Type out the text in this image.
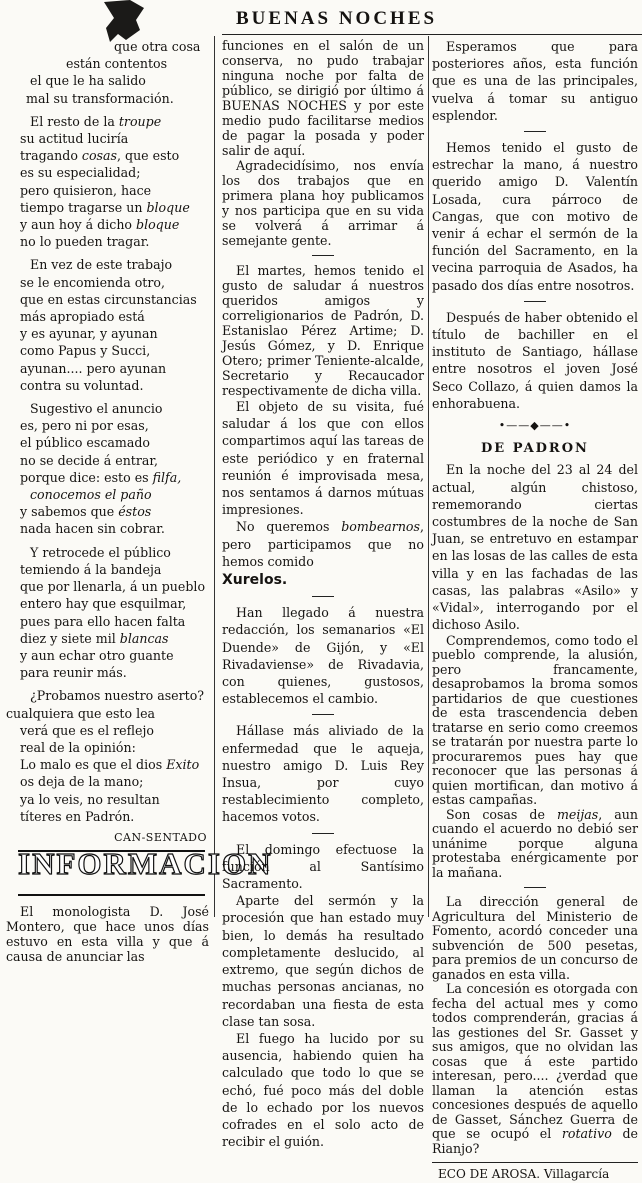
BUENAS NOCHES

que otra cosa

están contentos

el que le ha salido

mal su transformación.

El resto de la troupe

su actitud luciría

tragando cosas, que esto

es su especialidad;

pero quisieron, hace

tiempo tragarse un bloque

y aun hoy á dicho bloque

no lo pueden tragar.

En vez de este trabajo

se le encomienda otro,

que en estas circunstancias

más apropiado está

y es ayunar, y ayunan

como Papus y Succi,

ayunan.... pero ayunan

contra su voluntad.

Sugestivo el anuncio

es, pero ni por esas,

el público escamado

no se decide á entrar,

porque dice: esto es filfa,

conocemos el paño

y sabemos que éstos

nada hacen sin cobrar.

Y retrocede el público

temiendo á la bandeja

que por llenarla, á un pueblo

entero hay que esquilmar,

pues para ello hacen falta

diez y siete mil blancas

y aun echar otro guante

para reunir más.

¿Probamos nuestro aserto?

cualquiera que esto lea

verá que es el reflejo

real de la opinión:

Lo malo es que el dios Exito

os deja de la mano;

ya lo veis, no resultan

títeres en Padrón.

CAN-SENTADO
INFORMACION

El monologista D. José Montero, que hace unos días estuvo en esta villa y que á causa de anunciar las

funciones en el salón de un conserva, no pudo trabajar ninguna noche por falta de público, se dirigió por último á BUENAS NOCHES y por este medio pudo facilitarse medios de pagar la posada y poder salir de aquí.

Agradecidísimo, nos envía los dos trabajos que en primera plana hoy publicamos y nos participa que en su vida se volverá á arrimar á semejante gente.

El martes, hemos tenido el gusto de saludar á nuestros queridos amigos y correligionarios de Padrón, D. Estanislao Pérez Artime; D. Jesús Gómez, y D. Enrique Otero; primer Teniente-alcalde, Secretario y Recaucador respectivamente de dicha villa.

El objeto de su visita, fué saludar á los que con ellos compartimos aquí las tareas de este periódico y en fraternal reunión é improvisada mesa, nos sentamos á darnos mútuas impresiones.

No queremos bombearnos, pero participamos que no hemos comido

Xurelos.

Han llegado á nuestra redacción, los semanarios «El Duende» de Gijón, y «El Rivadaviense» de Rivadavia, con quienes, gustosos, establecemos el cambio.

Hállase más aliviado de la enfermedad que le aqueja, nuestro amigo D. Luis Rey Insua, por cuyo restablecimiento completo, hacemos votos.

El domingo efectuose la función al Santísimo Sacramento.

Aparte del sermón y la procesión que han estado muy bien, lo demás ha resultado completamente deslucido, al extremo, que según dichos de muchas personas ancianas, no recordaban una fiesta de esta clase tan sosa.

El fuego ha lucido por su ausencia, habiendo quien ha calculado que todo lo que se echó, fué poco más del doble de lo echado por los nuevos cofrades en el solo acto de recibir el guión.

Esperamos que para posteriores años, esta función que es una de las principales, vuelva á tomar su antiguo esplendor.

Hemos tenido el gusto de estrechar la mano, á nuestro querido amigo D. Valentín Losada, cura párroco de Cangas, que con motivo de venir á echar el sermón de la función del Sacramento, en la vecina parroquia de Asados, ha pasado dos días entre nosotros.

Después de haber obtenido el título de bachiller en el instituto de Santiago, hállase entre nosotros el joven José Seco Collazo, á quien damos la enhorabuena.

•——◆——•
DE PADRON

En la noche del 23 al 24 del actual, algún chistoso, rememorando ciertas costumbres de la noche de San Juan, se entretuvo en estampar en las losas de las calles de esta villa y en las fachadas de las casas, las palabras «Asilo» y «Vidal», interrogando por el dichoso Asilo.

Comprendemos, como todo el pueblo comprende, la alusión, pero francamente, desaprobamos la broma somos partidarios de que cuestiones de esta trascendencia deben tratarse en serio como creemos se tratarán por nuestra parte lo procuraremos pues hay que reconocer que las personas á quien mortifican, dan motivo á estas campañas.

Son cosas de meijas, aun cuando el acuerdo no debió ser unánime porque alguna protestaba enérgicamente por la mañana.

La dirección general de Agricultura del Ministerio de Fomento, acordó conceder una subvención de 500 pesetas, para premios de un concurso de ganados en esta villa.

La concesión es otorgada con fecha del actual mes y como todos comprenderán, gracias á las gestiones del Sr. Gasset y sus amigos, que no olvidan las cosas que á este partido interesan, pero.... ¿verdad que llaman la atención estas concesiones después de aquello de Gasset, Sánchez Guerra de que se ocupó el rotativo de Rianjo?

ECO DE AROSA. Villagarcía
